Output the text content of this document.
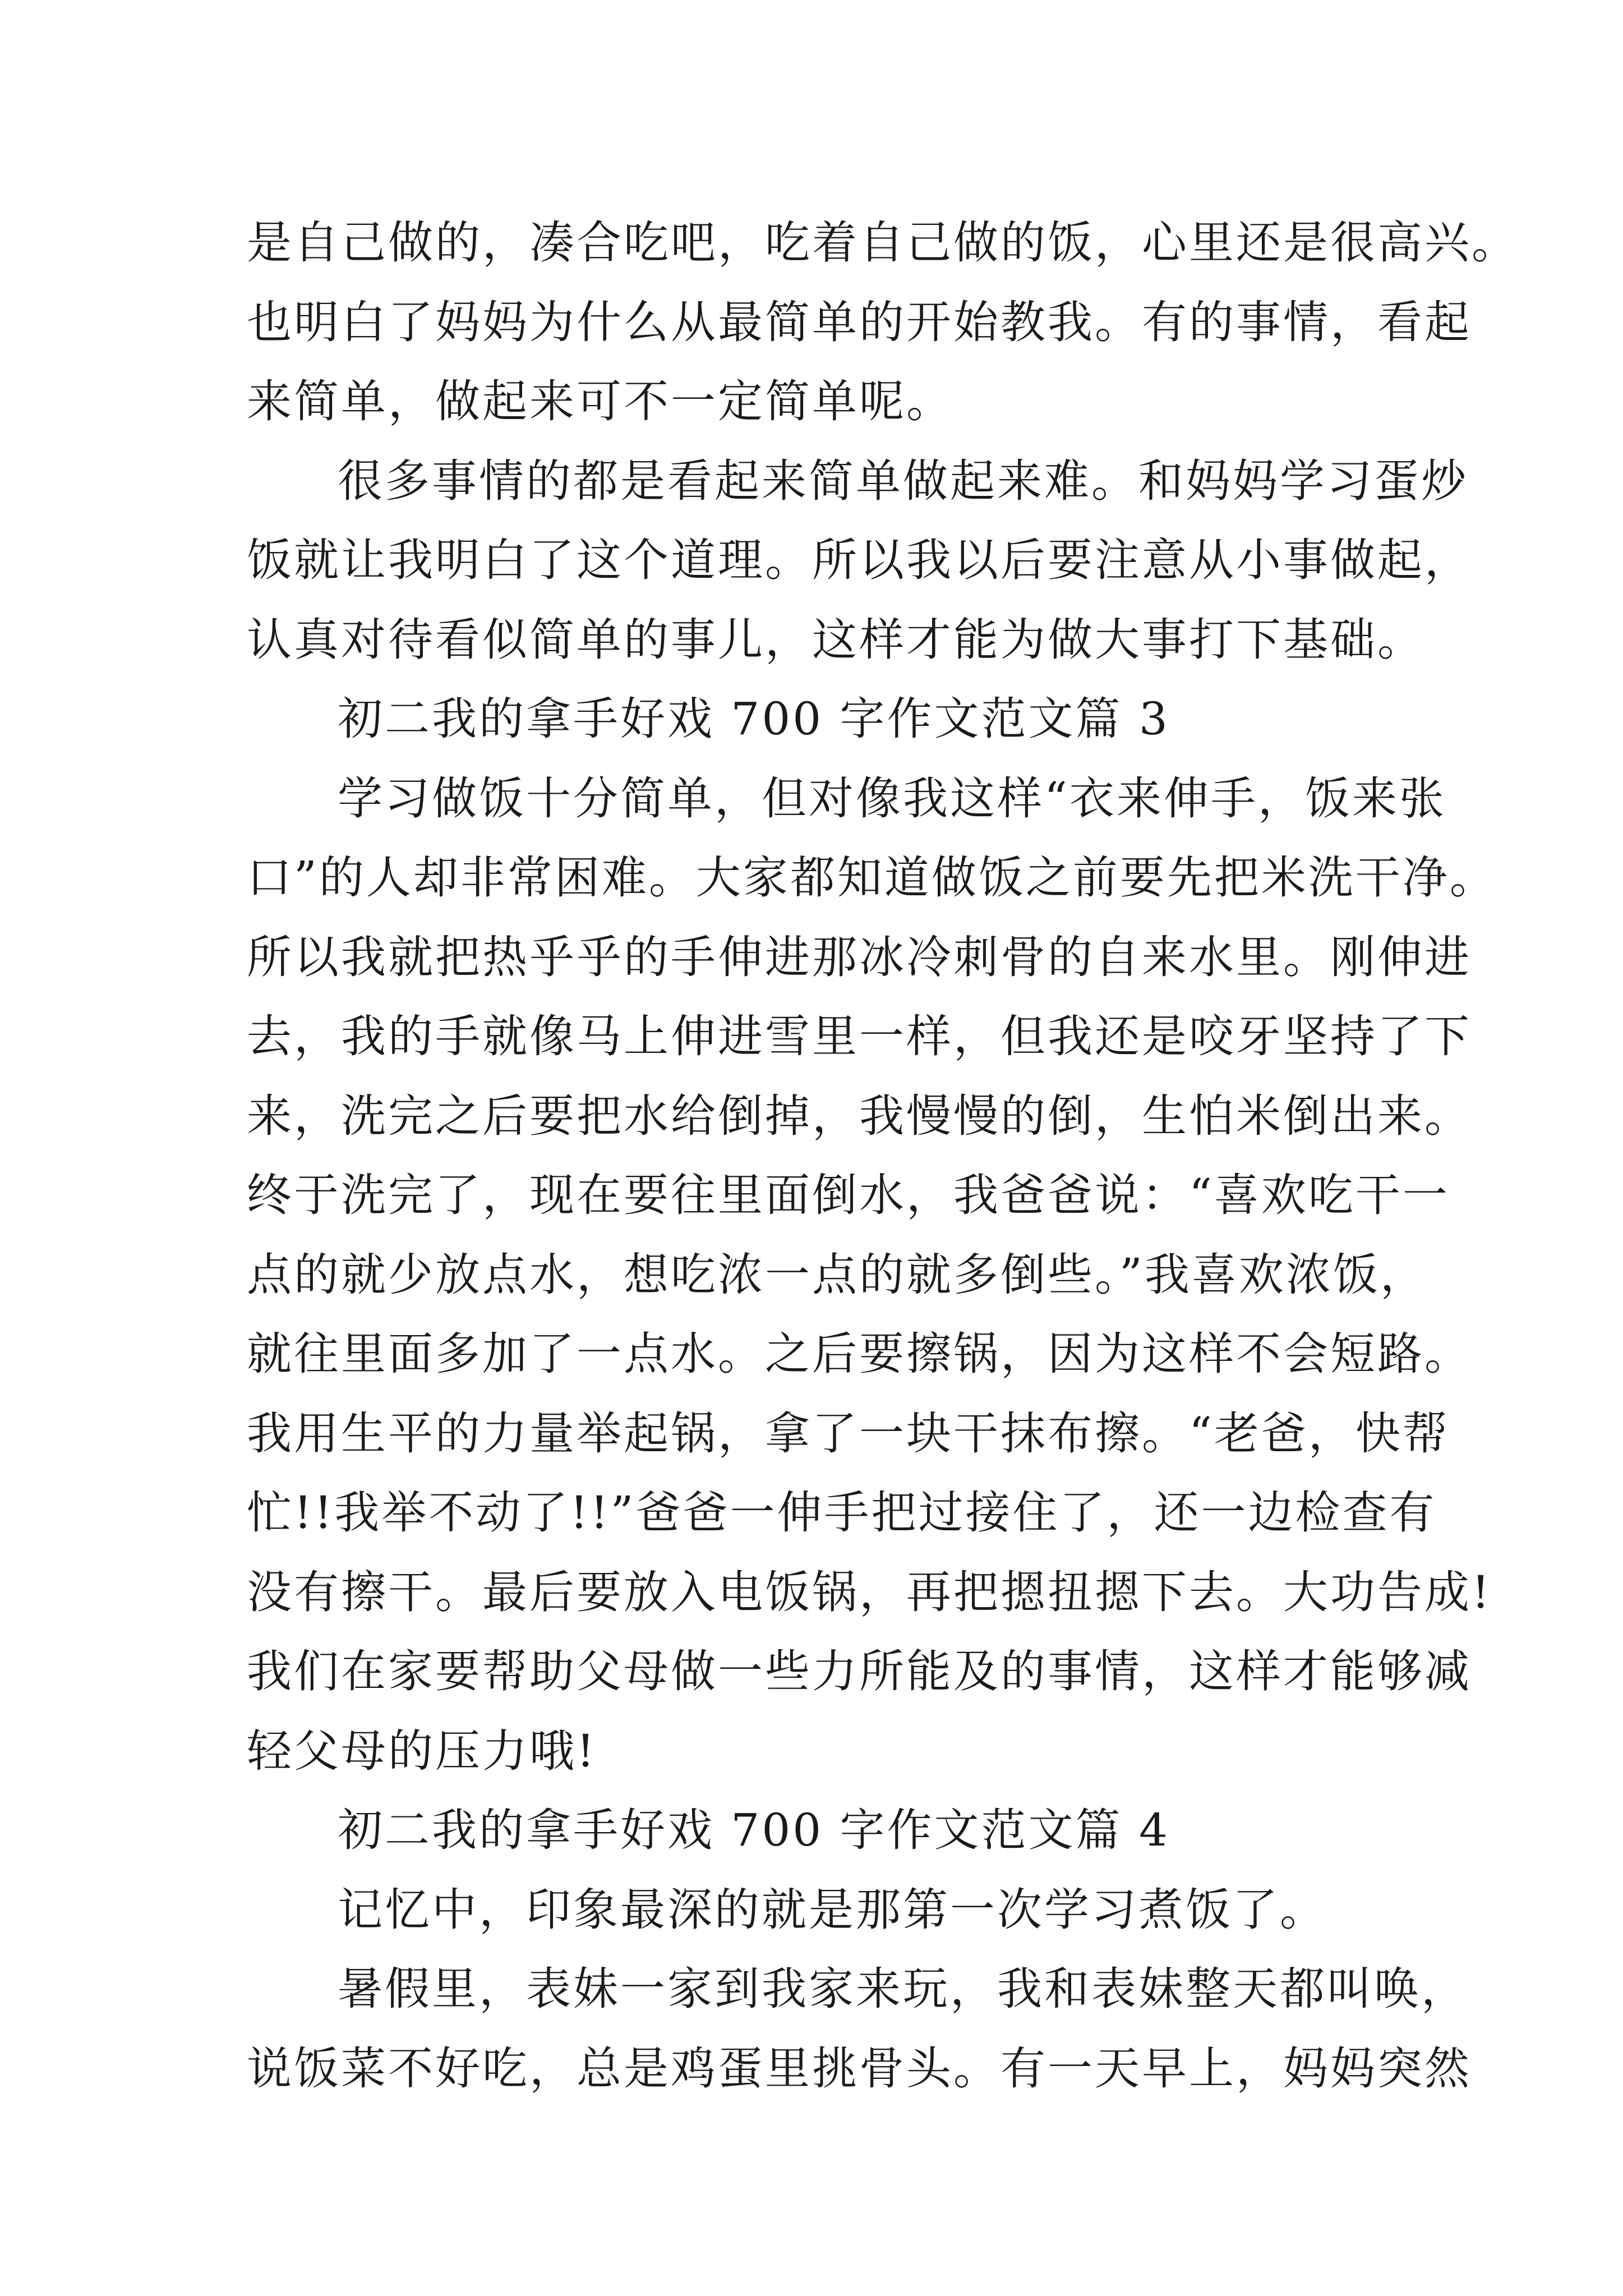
是自己做的，凑合吃吧，吃着自己做的饭，心里还是很高兴。
也明白了妈妈为什么从最简单的开始教我。有的事情，看起
来简单，做起来可不一定简单呢。
很多事情的都是看起来简单做起来难。和妈妈学习蛋炒
饭就让我明白了这个道理。所以我以后要注意从小事做起，
认真对待看似简单的事儿，这样才能为做大事打下基础。
初二我的拿手好戏 700 字作文范文篇 3
学习做饭十分简单，但对像我这样“衣来伸手，饭来张
口”的人却非常困难。大家都知道做饭之前要先把米洗干净。
所以我就把热乎乎的手伸进那冰冷刺骨的自来水里。刚伸进
去，我的手就像马上伸进雪里一样，但我还是咬牙坚持了下
来，洗完之后要把水给倒掉，我慢慢的倒，生怕米倒出来。
终于洗完了，现在要往里面倒水，我爸爸说：“喜欢吃干一
点的就少放点水，想吃浓一点的就多倒些。”我喜欢浓饭，
就往里面多加了一点水。之后要擦锅，因为这样不会短路。
我用生平的力量举起锅，拿了一块干抹布擦。“老爸，快帮
忙!!我举不动了!!”爸爸一伸手把过接住了，还一边检查有
没有擦干。最后要放入电饭锅，再把摁扭摁下去。大功告成!
我们在家要帮助父母做一些力所能及的事情，这样才能够减
轻父母的压力哦!
初二我的拿手好戏 700 字作文范文篇 4
记忆中，印象最深的就是那第一次学习煮饭了。
暑假里，表妹一家到我家来玩，我和表妹整天都叫唤，
说饭菜不好吃，总是鸡蛋里挑骨头。有一天早上，妈妈突然
